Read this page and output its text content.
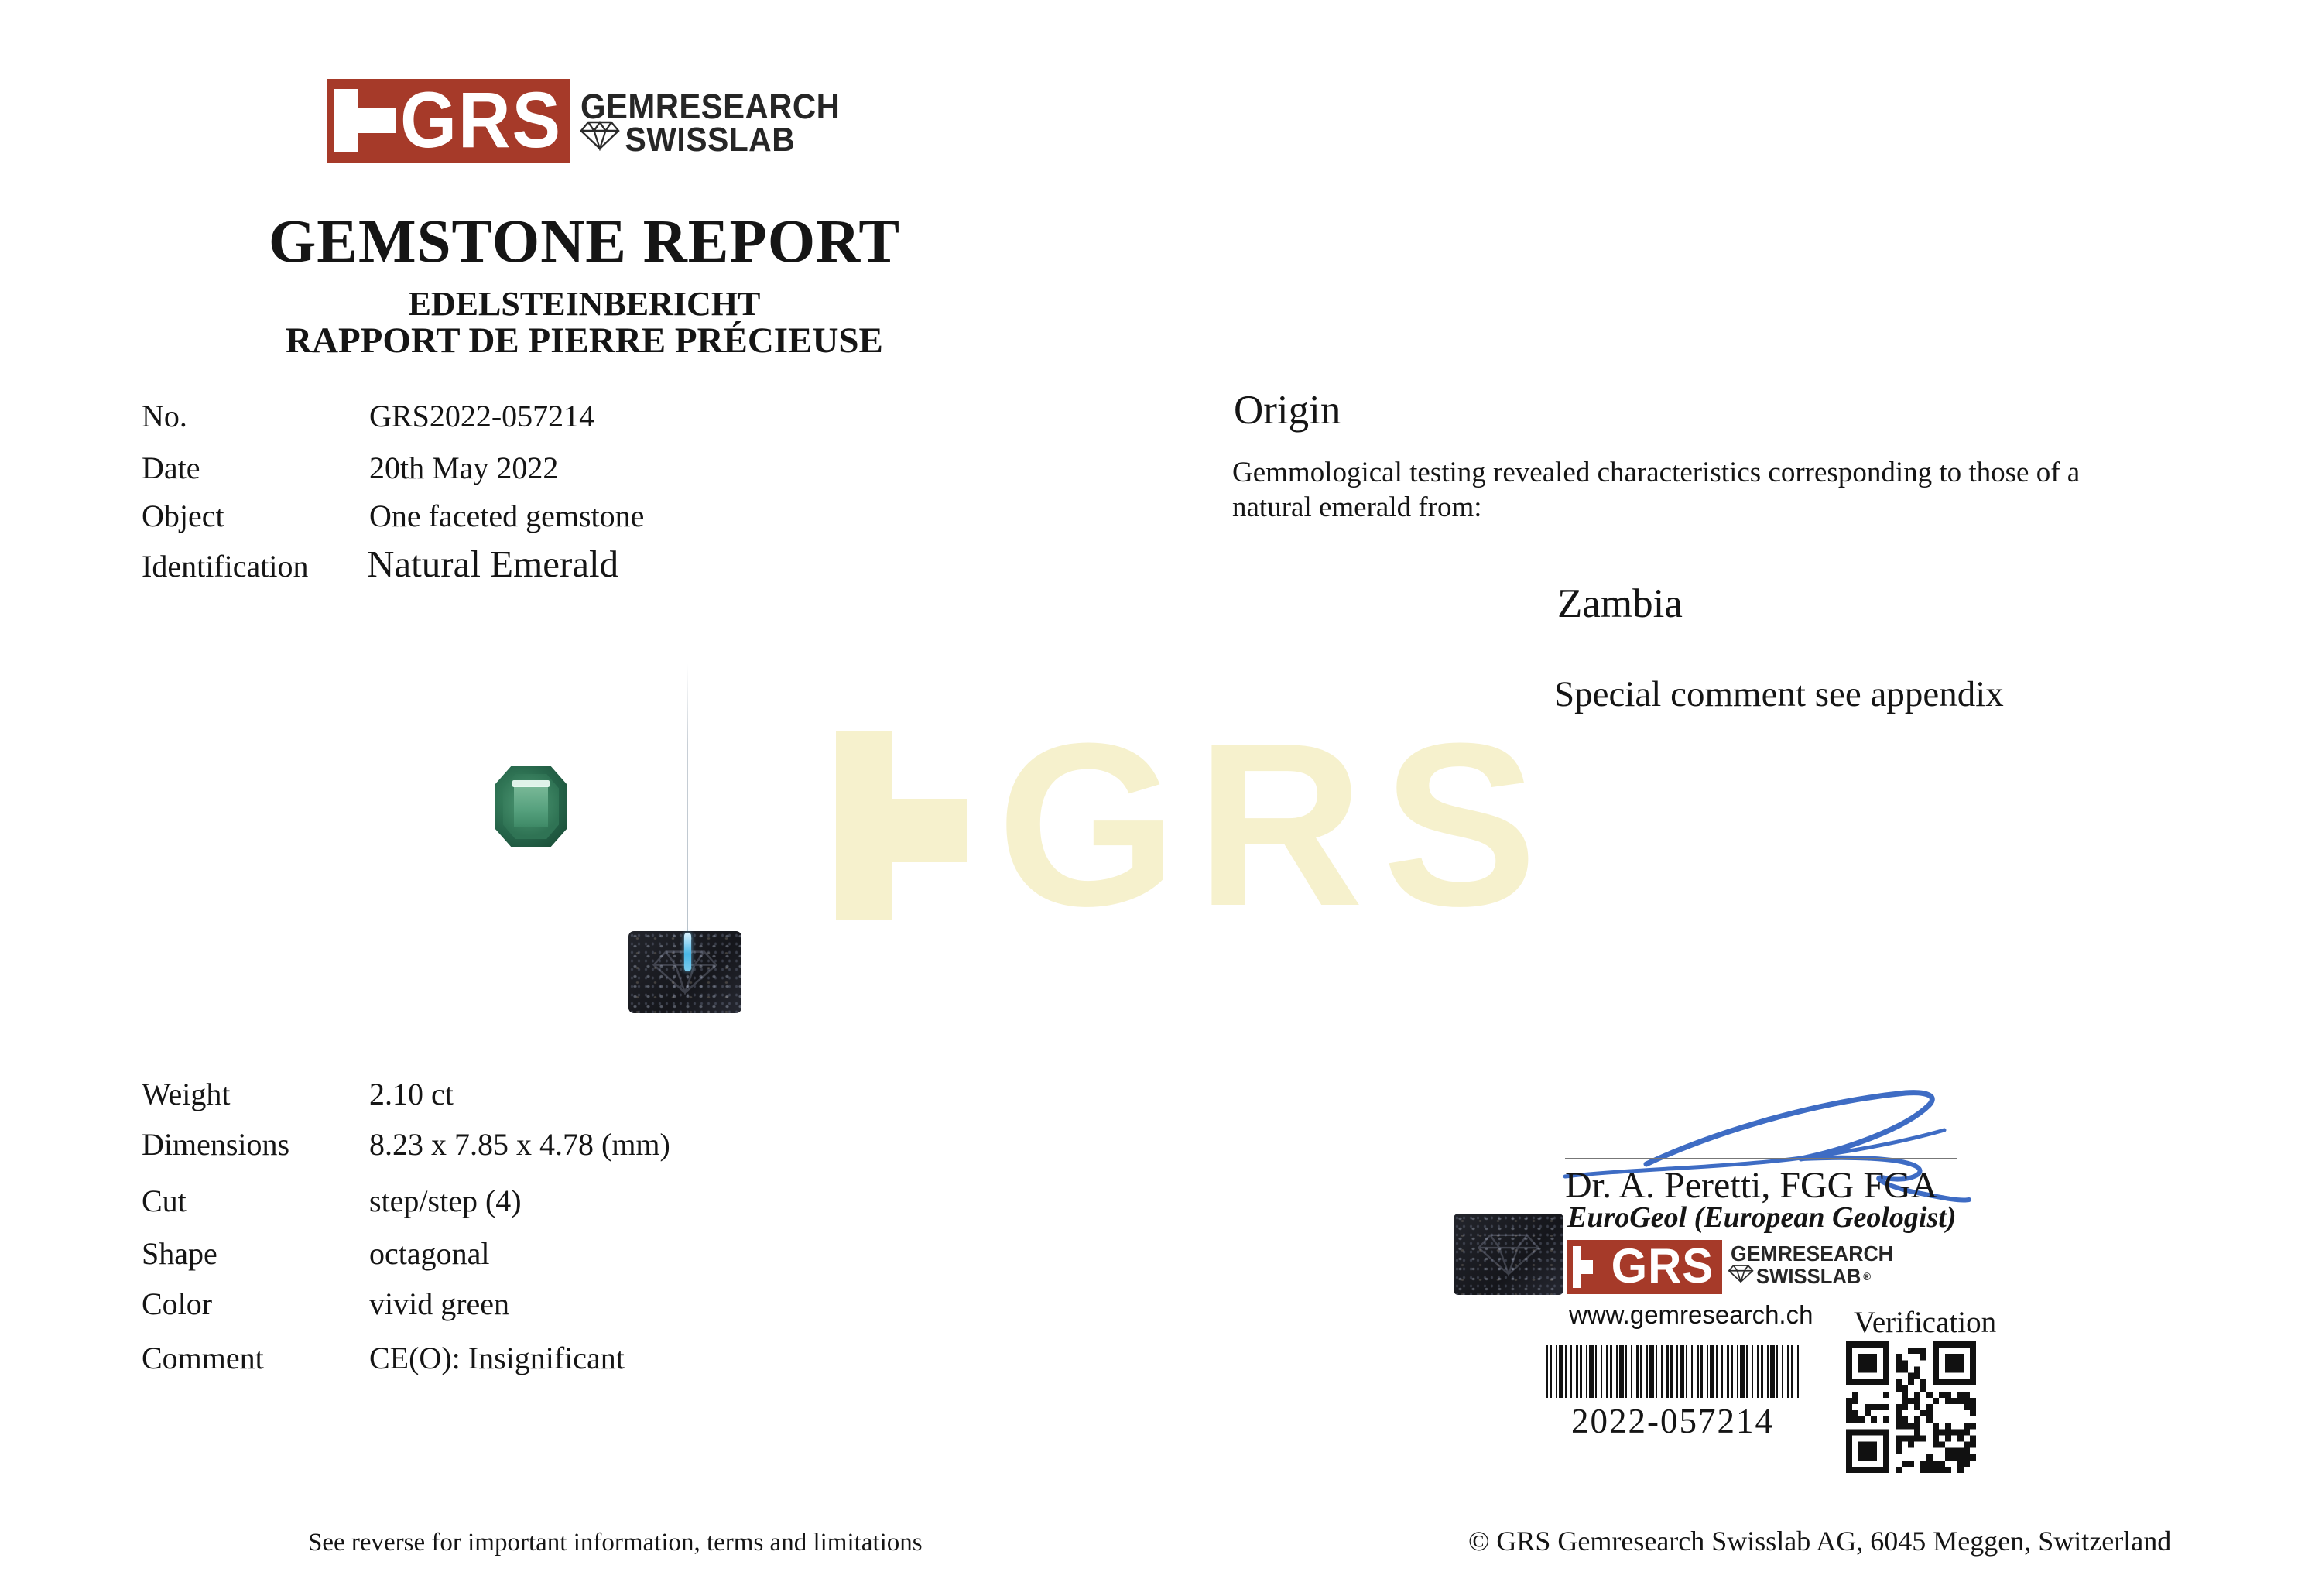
GRS GEMRESEARCH
SWISSLAB
GEMSTONE REPORT
EDELSTEINBERICHT
RAPPORT DE PIERRE PRÉCIEUSE
No.	GRS2022-057214
Date	20th May 2022
Object	One faceted gemstone
Identification Natural Emerald
Origin
Gemmological testing revealed characteristics corresponding to those of a natural emerald from:
Zambia
Special comment see appendix
GRS
Weight	2.10 ct
Dimensions	8.23 x 7.85 x 4.78 (mm)
Cut	step/step (4)
Shape	octagonal
Color	vivid green
Comment	CE(O): Insignificant
Dr. A. Peretti, FGG FGA
EuroGeol (European Geologist)
GRS GEMRESEARCH
SWISSLAB ®
www.gemresearch.ch Verification
2022-057214
See reverse for important information, terms and limitations	© GRS Gemresearch Swisslab AG, 6045 Meggen, Switzerland
